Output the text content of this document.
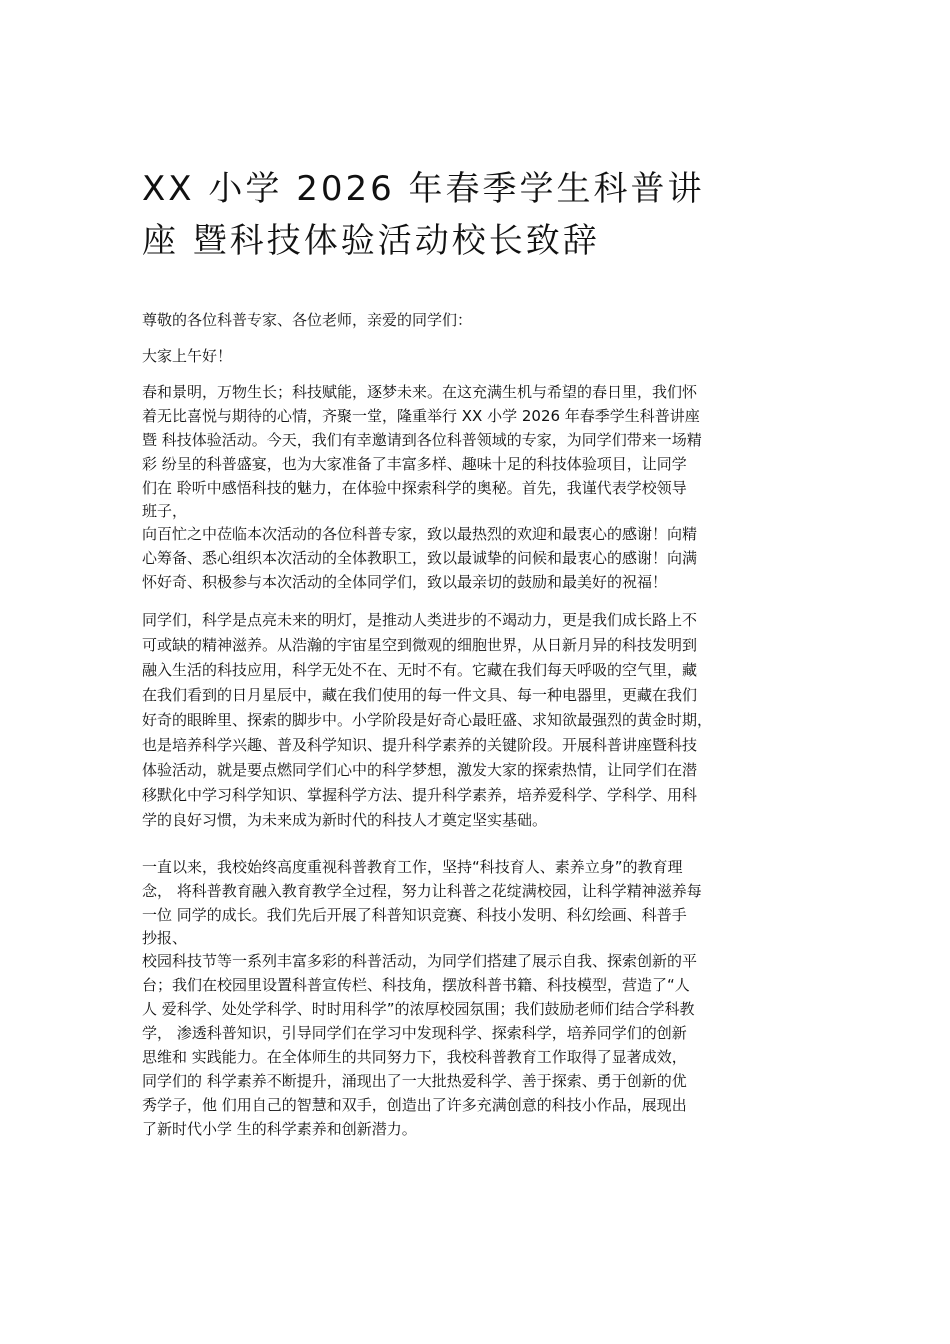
XX 小学 2026 年春季学生科普讲
座 暨科技体验活动校长致辞
尊敬的各位科普专家、各位老师，亲爱的同学们：
大家上午好！
春和景明，万物生长；科技赋能，逐梦未来。在这充满生机与希望的春日里，我们怀
着无比喜悦与期待的心情，齐聚一堂，隆重举行 XX 小学 2026 年春季学生科普讲座
暨 科技体验活动。今天，我们有幸邀请到各位科普领域的专家，为同学们带来一场精
彩 纷呈的科普盛宴，也为大家准备了丰富多样、趣味十足的科技体验项目，让同学
们在 聆听中感悟科技的魅力，在体验中探索科学的奥秘。首先，我谨代表学校领导
班子，
向百忙之中莅临本次活动的各位科普专家，致以最热烈的欢迎和最衷心的感谢！向精
心筹备、悉心组织本次活动的全体教职工，致以最诚挚的问候和最衷心的感谢！向满
怀好奇、积极参与本次活动的全体同学们，致以最亲切的鼓励和最美好的祝福！
同学们，科学是点亮未来的明灯，是推动人类进步的不竭动力，更是我们成长路上不
可或缺的精神滋养。从浩瀚的宇宙星空到微观的细胞世界，从日新月异的科技发明到
融入生活的科技应用，科学无处不在、无时不有。它藏在我们每天呼吸的空气里，藏
在我们看到的日月星辰中，藏在我们使用的每一件文具、每一种电器里，更藏在我们
好奇的眼眸里、探索的脚步中。小学阶段是好奇心最旺盛、求知欲最强烈的黄金时期，
也是培养科学兴趣、普及科学知识、提升科学素养的关键阶段。开展科普讲座暨科技
体验活动，就是要点燃同学们心中的科学梦想，激发大家的探索热情，让同学们在潜
移默化中学习科学知识、掌握科学方法、提升科学素养，培养爱科学、学科学、用科
学的良好习惯，为未来成为新时代的科技人才奠定坚实基础。
一直以来，我校始终高度重视科普教育工作，坚持“科技育人、素养立身”的教育理
念， 将科普教育融入教育教学全过程，努力让科普之花绽满校园，让科学精神滋养每
一位 同学的成长。我们先后开展了科普知识竞赛、科技小发明、科幻绘画、科普手
抄报、
校园科技节等一系列丰富多彩的科普活动，为同学们搭建了展示自我、探索创新的平
台；我们在校园里设置科普宣传栏、科技角，摆放科普书籍、科技模型，营造了“人
人 爱科学、处处学科学、时时用科学”的浓厚校园氛围；我们鼓励老师们结合学科教
学， 渗透科普知识，引导同学们在学习中发现科学、探索科学，培养同学们的创新
思维和 实践能力。在全体师生的共同努力下，我校科普教育工作取得了显著成效，
同学们的 科学素养不断提升，涌现出了一大批热爱科学、善于探索、勇于创新的优
秀学子，他 们用自己的智慧和双手，创造出了许多充满创意的科技小作品，展现出
了新时代小学 生的科学素养和创新潜力。
